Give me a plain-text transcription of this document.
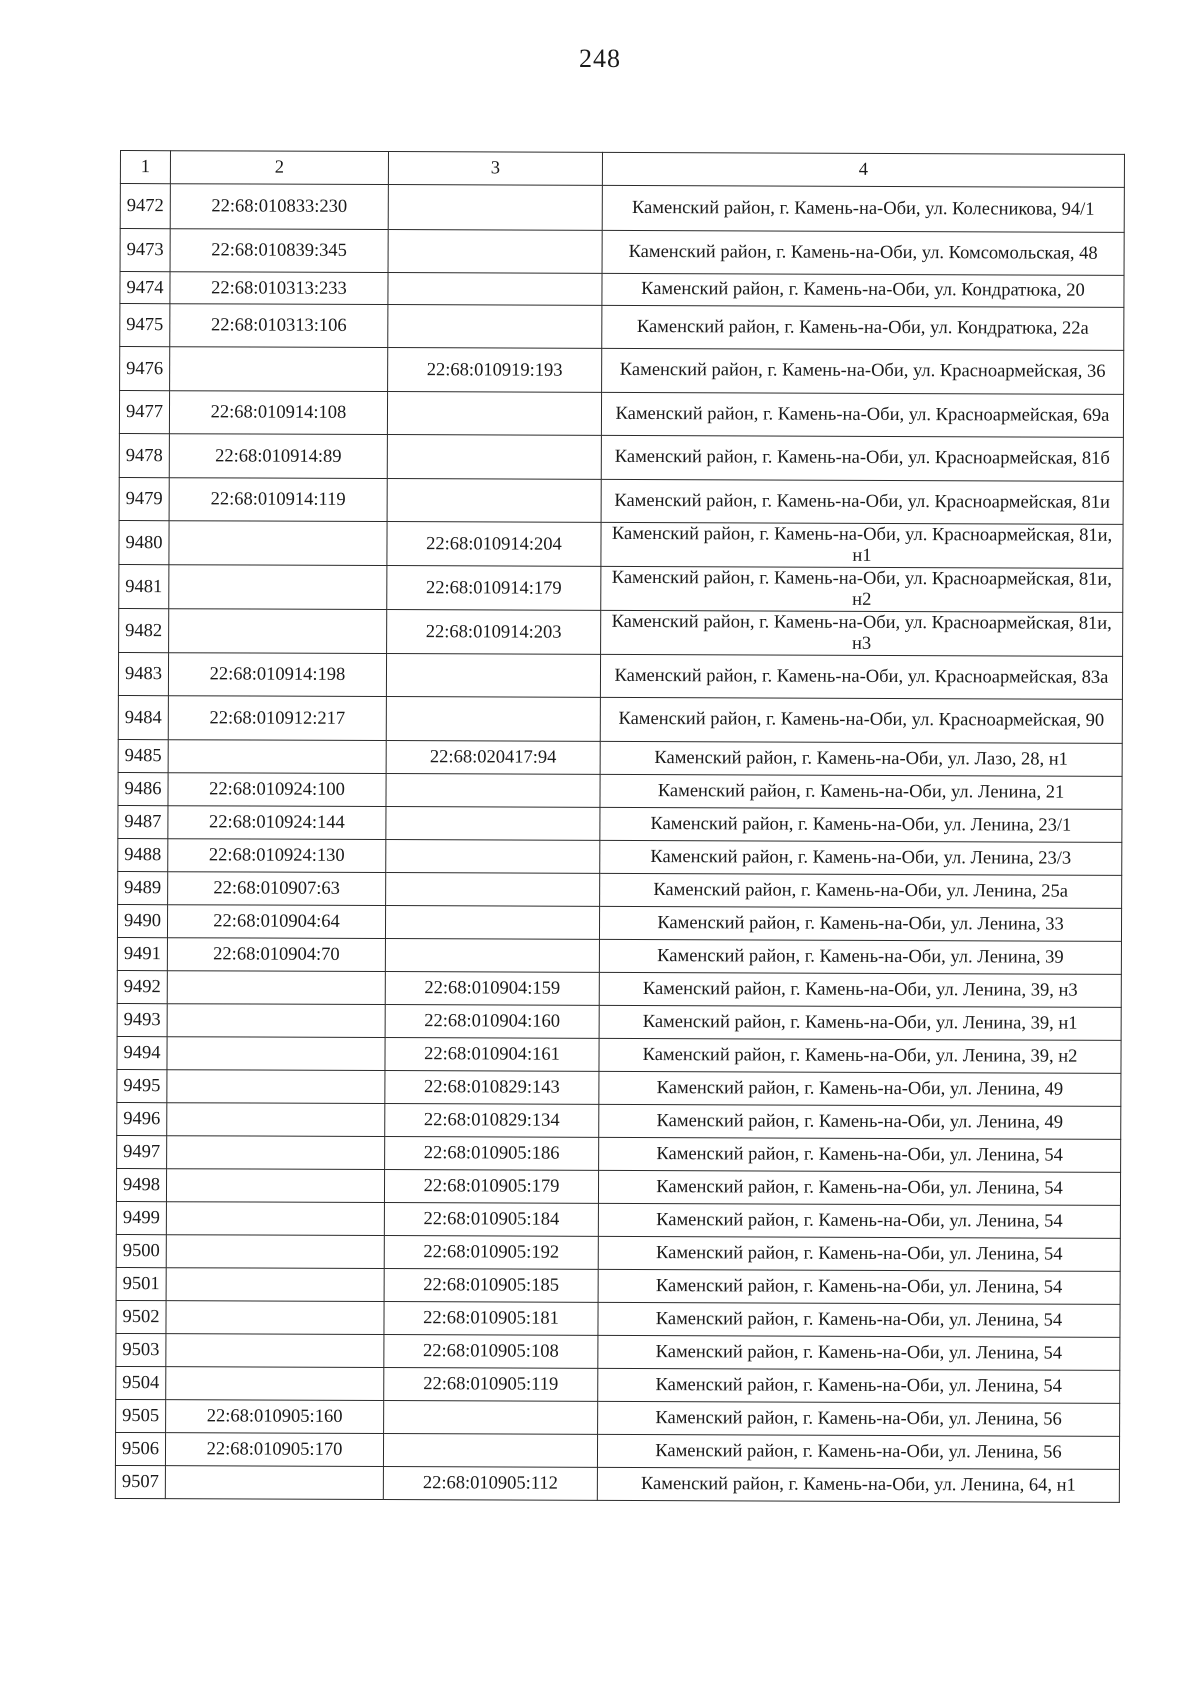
248
1	2	3	4
9472	22:68:010833:230		Каменский район, г. Камень-на-Оби, ул. Колесникова, 94/1
9473	22:68:010839:345		Каменский район, г. Камень-на-Оби, ул. Комсомольская, 48
9474	22:68:010313:233		Каменский район, г. Камень-на-Оби, ул. Кондратюка, 20
9475	22:68:010313:106		Каменский район, г. Камень-на-Оби, ул. Кондратюка, 22а
9476		22:68:010919:193	Каменский район, г. Камень-на-Оби, ул. Красноармейская, 36
9477	22:68:010914:108		Каменский район, г. Камень-на-Оби, ул. Красноармейская, 69а
9478	22:68:010914:89		Каменский район, г. Камень-на-Оби, ул. Красноармейская, 81б
9479	22:68:010914:119		Каменский район, г. Камень-на-Оби, ул. Красноармейская, 81и
9480		22:68:010914:204	Каменский район, г. Камень-на-Оби, ул. Красноармейская, 81и, н1
9481		22:68:010914:179	Каменский район, г. Камень-на-Оби, ул. Красноармейская, 81и, н2
9482		22:68:010914:203	Каменский район, г. Камень-на-Оби, ул. Красноармейская, 81и, н3
9483	22:68:010914:198		Каменский район, г. Камень-на-Оби, ул. Красноармейская, 83а
9484	22:68:010912:217		Каменский район, г. Камень-на-Оби, ул. Красноармейская, 90
9485		22:68:020417:94	Каменский район, г. Камень-на-Оби, ул. Лазо, 28, н1
9486	22:68:010924:100		Каменский район, г. Камень-на-Оби, ул. Ленина, 21
9487	22:68:010924:144		Каменский район, г. Камень-на-Оби, ул. Ленина, 23/1
9488	22:68:010924:130		Каменский район, г. Камень-на-Оби, ул. Ленина, 23/3
9489	22:68:010907:63		Каменский район, г. Камень-на-Оби, ул. Ленина, 25а
9490	22:68:010904:64		Каменский район, г. Камень-на-Оби, ул. Ленина, 33
9491	22:68:010904:70		Каменский район, г. Камень-на-Оби, ул. Ленина, 39
9492		22:68:010904:159	Каменский район, г. Камень-на-Оби, ул. Ленина, 39, н3
9493		22:68:010904:160	Каменский район, г. Камень-на-Оби, ул. Ленина, 39, н1
9494		22:68:010904:161	Каменский район, г. Камень-на-Оби, ул. Ленина, 39, н2
9495		22:68:010829:143	Каменский район, г. Камень-на-Оби, ул. Ленина, 49
9496		22:68:010829:134	Каменский район, г. Камень-на-Оби, ул. Ленина, 49
9497		22:68:010905:186	Каменский район, г. Камень-на-Оби, ул. Ленина, 54
9498		22:68:010905:179	Каменский район, г. Камень-на-Оби, ул. Ленина, 54
9499		22:68:010905:184	Каменский район, г. Камень-на-Оби, ул. Ленина, 54
9500		22:68:010905:192	Каменский район, г. Камень-на-Оби, ул. Ленина, 54
9501		22:68:010905:185	Каменский район, г. Камень-на-Оби, ул. Ленина, 54
9502		22:68:010905:181	Каменский район, г. Камень-на-Оби, ул. Ленина, 54
9503		22:68:010905:108	Каменский район, г. Камень-на-Оби, ул. Ленина, 54
9504		22:68:010905:119	Каменский район, г. Камень-на-Оби, ул. Ленина, 54
9505	22:68:010905:160		Каменский район, г. Камень-на-Оби, ул. Ленина, 56
9506	22:68:010905:170		Каменский район, г. Камень-на-Оби, ул. Ленина, 56
9507		22:68:010905:112	Каменский район, г. Камень-на-Оби, ул. Ленина, 64, н1
